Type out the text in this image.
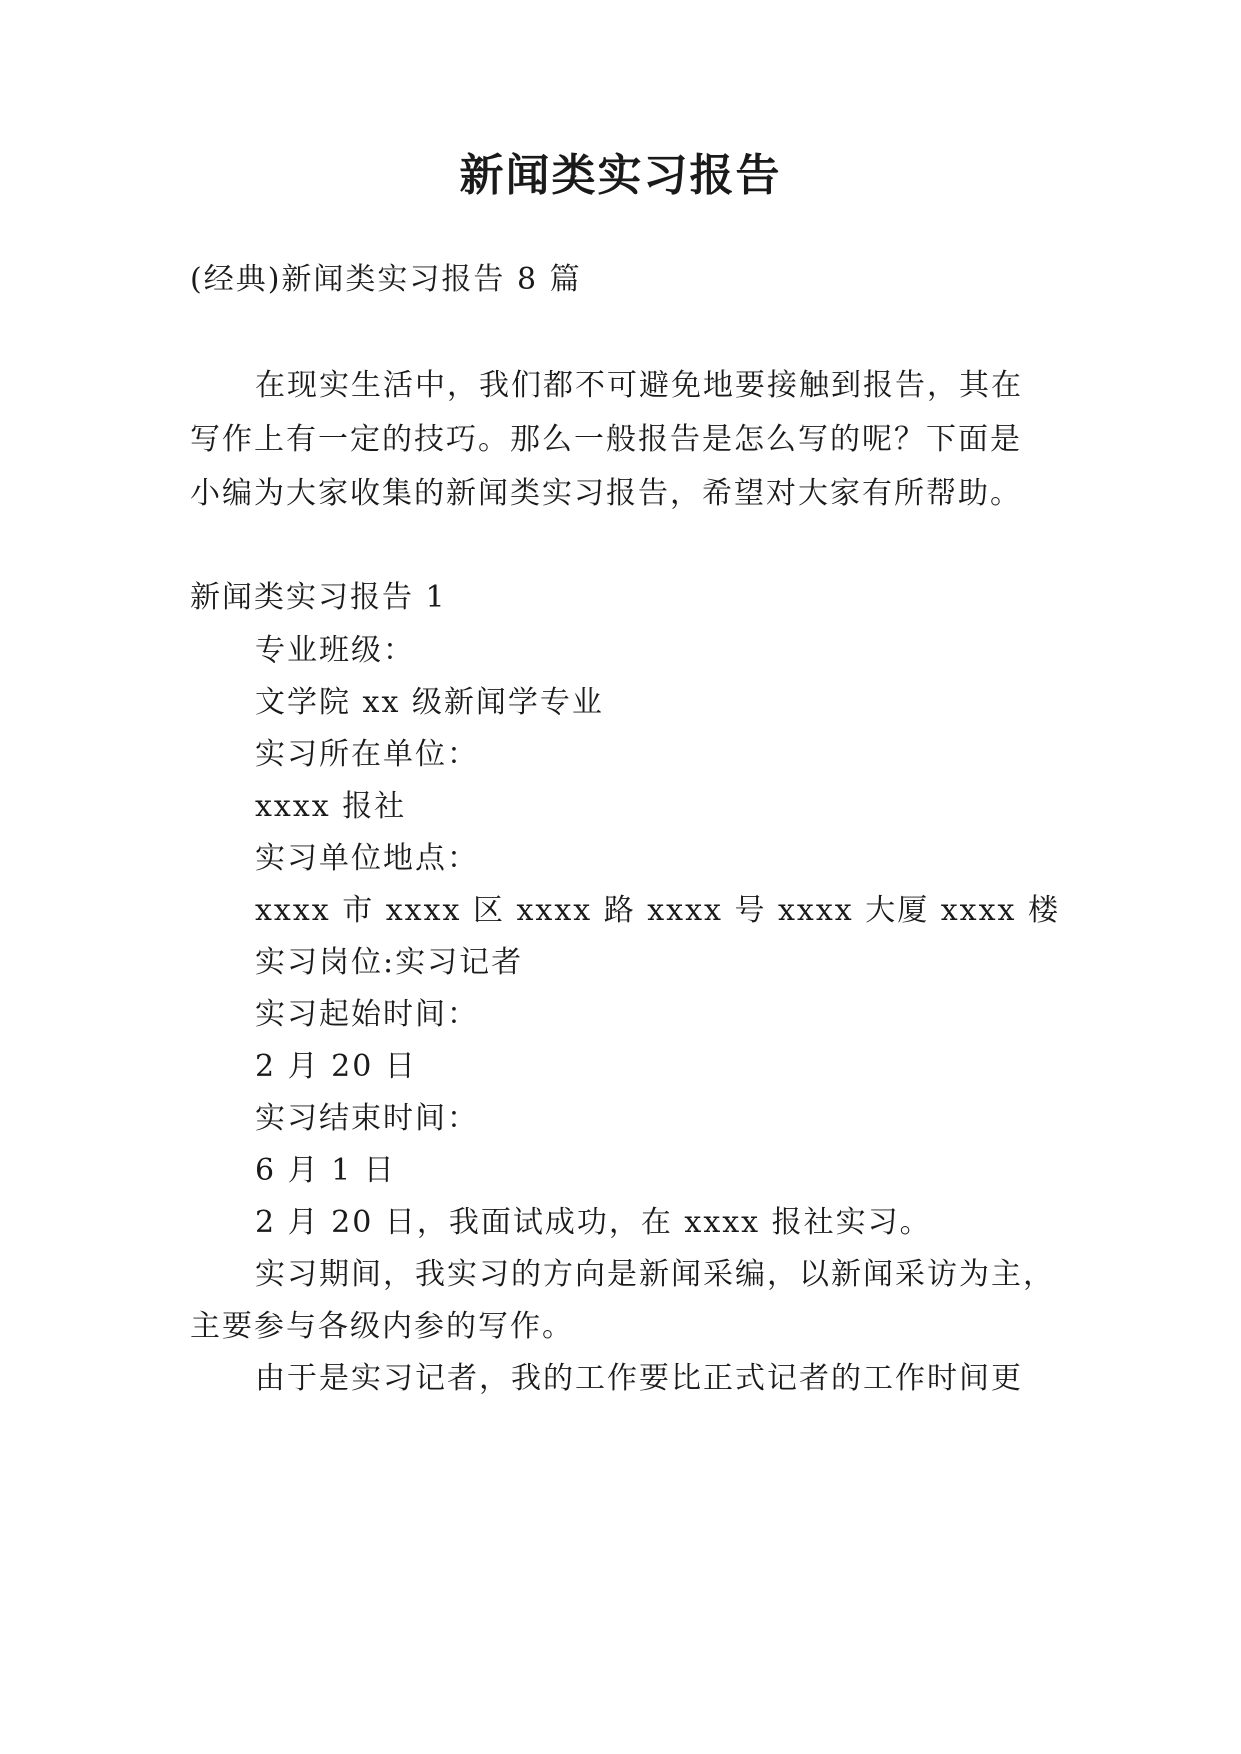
新闻类实习报告
(经典)新闻类实习报告 8 篇
在现实生活中，我们都不可避免地要接触到报告，其在
写作上有一定的技巧。那么一般报告是怎么写的呢？下面是
小编为大家收集的新闻类实习报告，希望对大家有所帮助。
新闻类实习报告 1
专业班级：
文学院 xx 级新闻学专业
实习所在单位：
xxxx 报社
实习单位地点：
xxxx 市 xxxx 区 xxxx 路 xxxx 号 xxxx 大厦 xxxx 楼
实习岗位:实习记者
实习起始时间：
2 月 20 日
实习结束时间：
6 月 1 日
2 月 20 日，我面试成功，在 xxxx 报社实习。
实习期间，我实习的方向是新闻采编，以新闻采访为主，
主要参与各级内参的写作。
由于是实习记者，我的工作要比正式记者的工作时间更
